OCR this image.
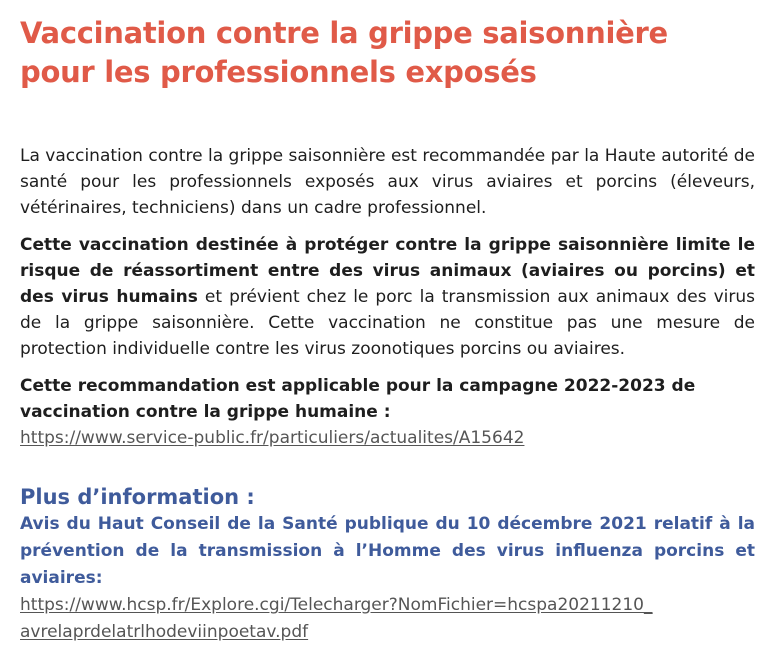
Vaccination contre la grippe saisonnière
pour les professionnels exposés

La vaccination contre la grippe saisonnière est recommandée par la Haute autorité de santé pour les professionnels exposés aux virus aviaires et porcins (éleveurs, vétérinaires, techniciens) dans un cadre professionnel.

Cette vaccination destinée à protéger contre la grippe saisonnière limite le risque de réassortiment entre des virus animaux (aviaires ou porcins) et des virus humains et prévient chez le porc la transmission aux animaux des virus de la grippe saisonnière. Cette vaccination ne constitue pas une mesure de protection individuelle contre les virus zoonotiques porcins ou aviaires.

Cette recommandation est applicable pour la campagne 2022-2023 de vaccination contre la grippe humaine :
https://www.service-public.fr/particuliers/actualites/A15642

Plus d’information :

Avis du Haut Conseil de la Santé publique du 10 décembre 2021 relatif à la prévention de la transmission à l’Homme des virus influenza porcins et aviaires:

https://www.hcsp.fr/Explore.cgi/Telecharger?NomFichier=hcspa20211210_
avrelaprdelatrlhodeviinpoetav.pdf
